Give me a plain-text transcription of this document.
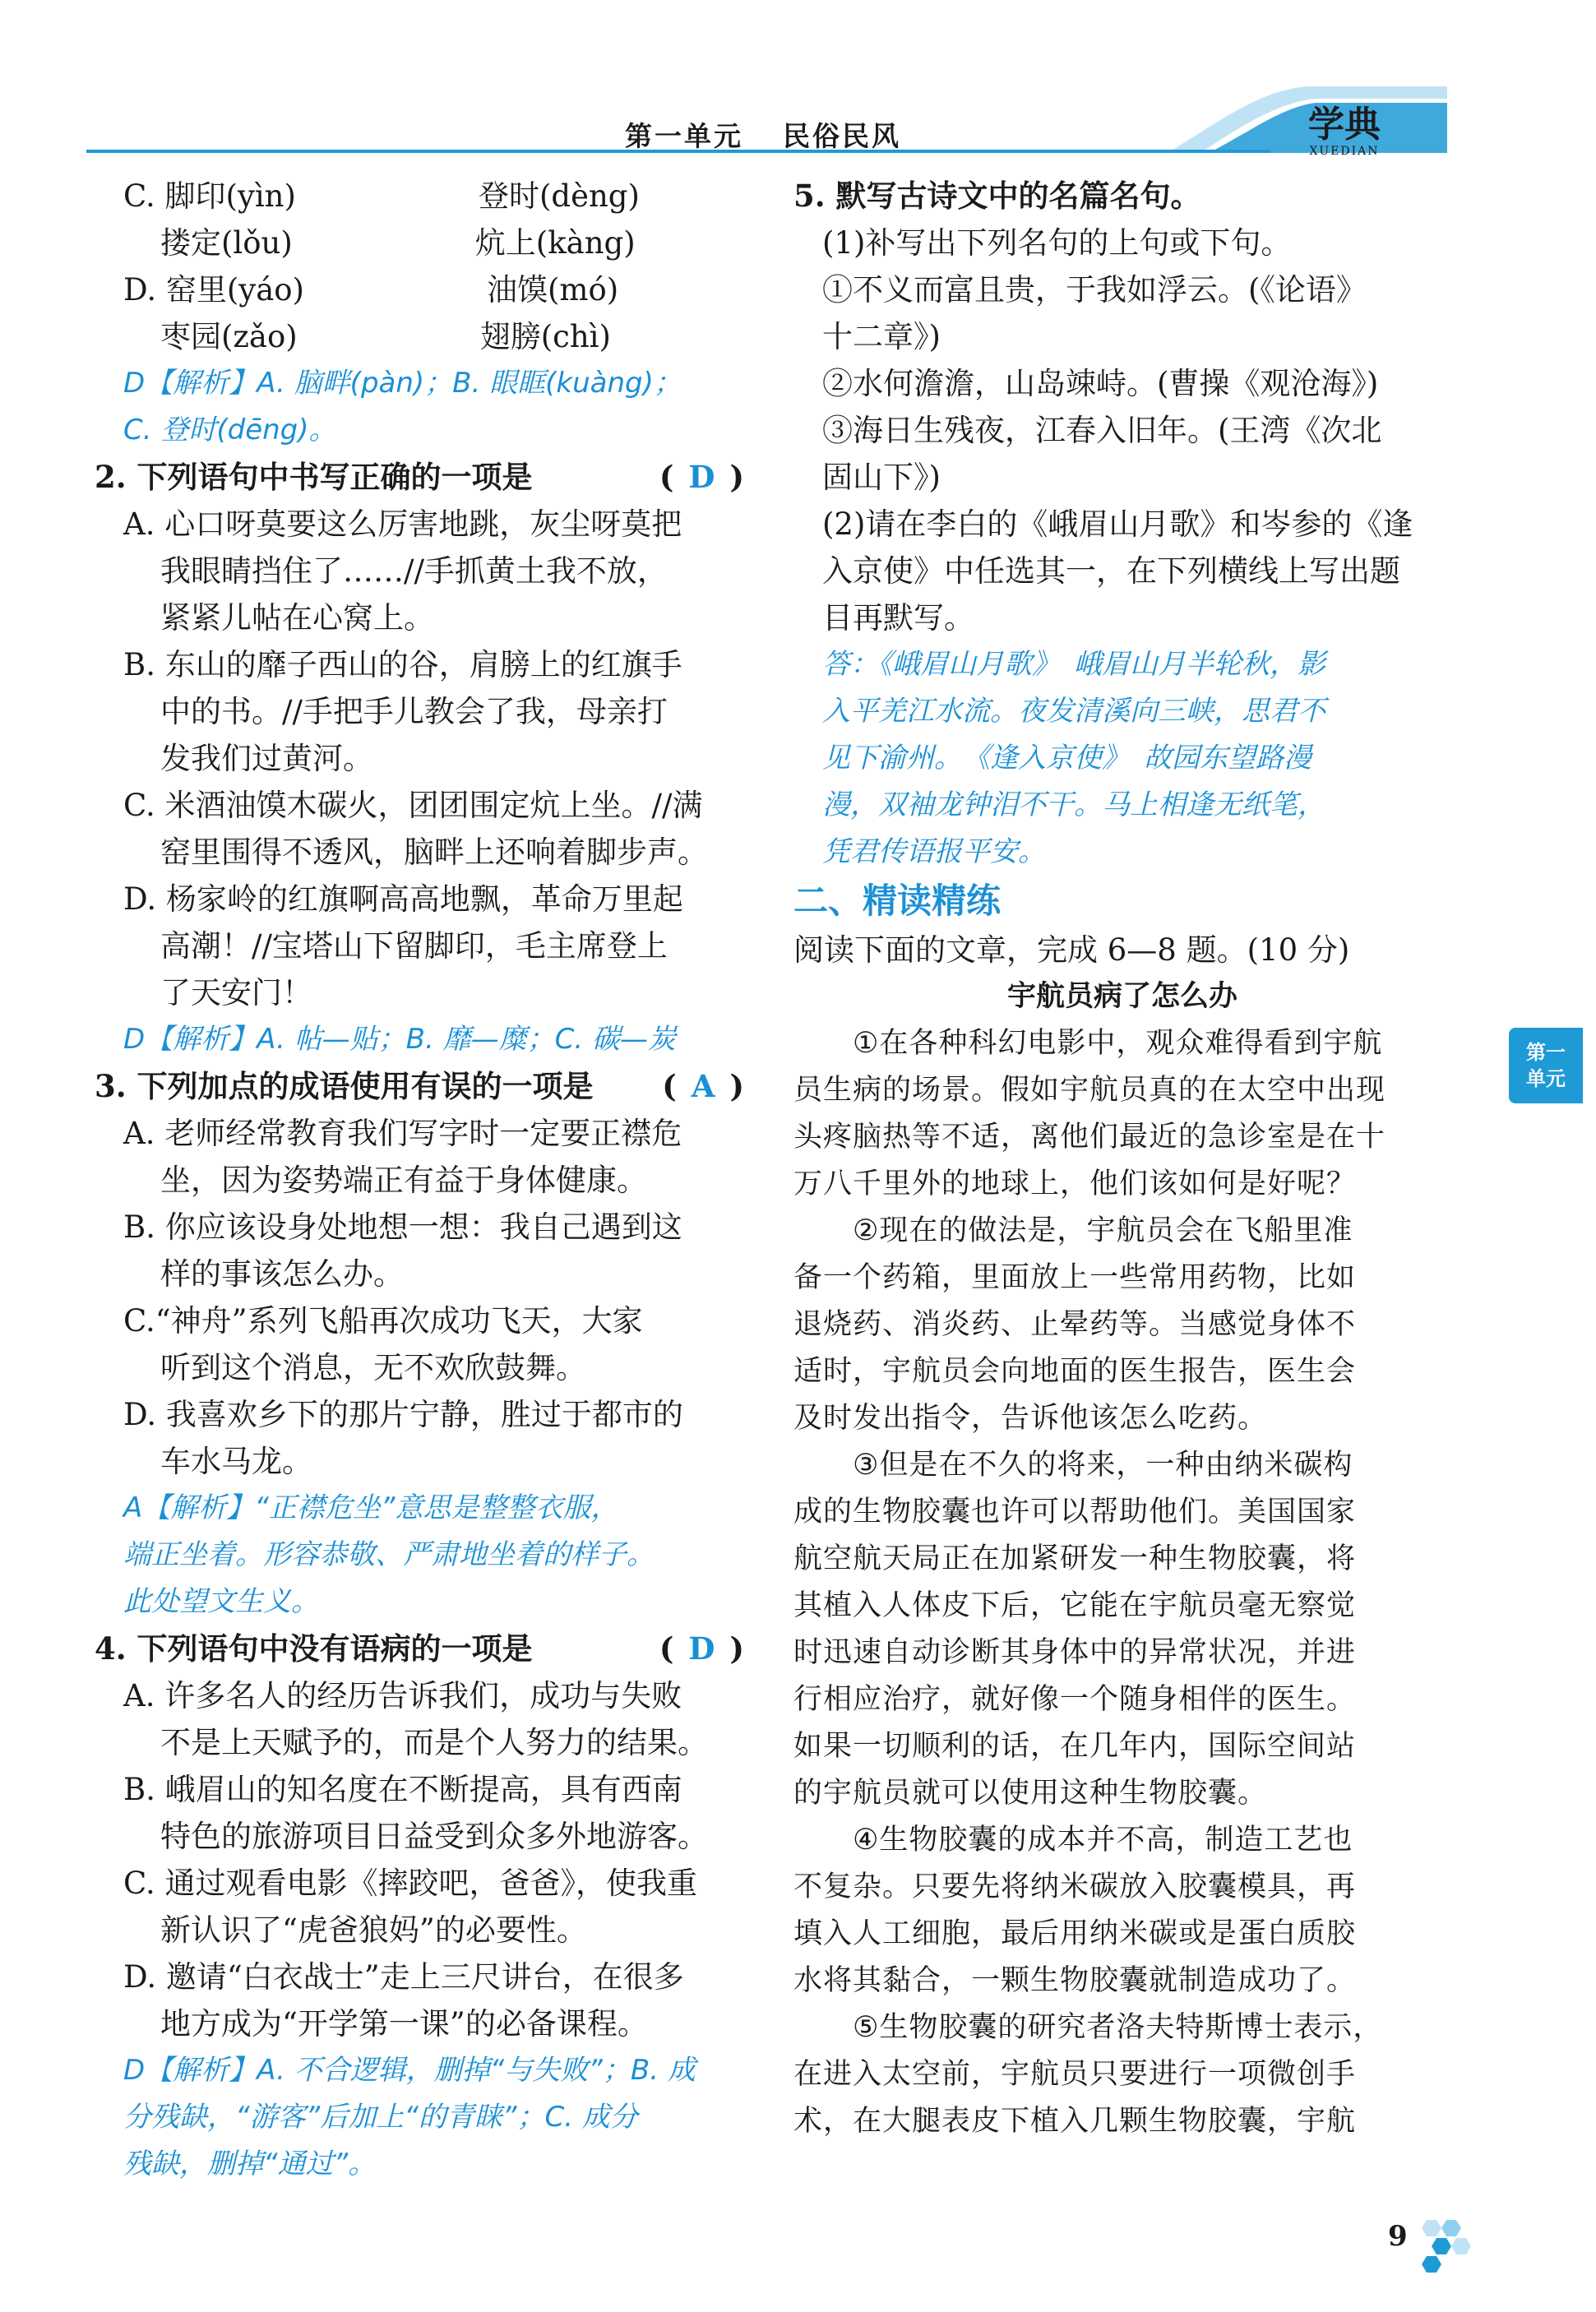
第一单元 民俗民风	学典
XUEDIAN
C. 脚印(yìn)　　　　　　登时(dèng)
搂定(lǒu)　　　　　　炕上(kàng)
D. 窑里(yáo)　　　　　　油馍(mó)
枣园(zǎo)　　　　　　翅膀(chì)
D【解析】A. 脑畔(pàn)；B. 眼眶(kuàng)；
C. 登时(dēng)。
2. 下列语句中书写正确的一项是	( D )
A. 心口呀莫要这么厉害地跳，灰尘呀莫把
我眼睛挡住了……//手抓黄土我不放，
紧紧儿帖在心窝上。
B. 东山的靡子西山的谷，肩膀上的红旗手
中的书。//手把手儿教会了我，母亲打
发我们过黄河。
C. 米酒油馍木碳火，团团围定炕上坐。//满
窑里围得不透风，脑畔上还响着脚步声。
D. 杨家岭的红旗啊高高地飘，革命万里起
高潮！//宝塔山下留脚印，毛主席登上
了天安门！
D【解析】A. 帖—贴；B. 靡—糜；C. 碳—炭
3. 下列加点的成语使用有误的一项是 ( A )
A. 老师经常教育我们写字时一定要正襟危
坐，因为姿势端正有益于身体健康。
B. 你应该设身处地想一想：我自己遇到这
样的事该怎么办。
C.“神舟”系列飞船再次成功飞天，大家
听到这个消息，无不欢欣鼓舞。
D. 我喜欢乡下的那片宁静，胜过于都市的
车水马龙。
A【解析】“正襟危坐”意思是整整衣服，
端正坐着。形容恭敬、严肃地坐着的样子。
此处望文生义。
4. 下列语句中没有语病的一项是	( D )
A. 许多名人的经历告诉我们，成功与失败
不是上天赋予的，而是个人努力的结果。
B. 峨眉山的知名度在不断提高，具有西南
特色的旅游项目日益受到众多外地游客。
C. 通过观看电影《摔跤吧，爸爸》，使我重
新认识了“虎爸狼妈”的必要性。
D. 邀请“白衣战士”走上三尺讲台，在很多
地方成为“开学第一课”的必备课程。
D【解析】A. 不合逻辑，删掉“与失败”；B. 成
分残缺，“游客”后加上“的青睐”；C. 成分
残缺，删掉“通过”。
5. 默写古诗文中的名篇名句。
(1)补写出下列名句的上句或下句。
①不义而富且贵，于我如浮云。(《论语》
十二章》)
②水何澹澹，山岛竦峙。(曹操《观沧海》)
③海日生残夜，江春入旧年。(王湾《次北
固山下》)
(2)请在李白的《峨眉山月歌》和岑参的《逢
入京使》中任选其一，在下列横线上写出题
目再默写。
答：《峨眉山月歌》　峨眉山月半轮秋，影
入平羌江水流。夜发清溪向三峡，思君不
见下渝州。　《逢入京使》　故园东望路漫
漫，双袖龙钟泪不干。马上相逢无纸笔，
凭君传语报平安。
二、精读精练
阅读下面的文章，完成 6—8 题。(10 分)
宇航员病了怎么办
　　①在各种科幻电影中，观众难得看到宇航
员生病的场景。假如宇航员真的在太空中出现
头疼脑热等不适，离他们最近的急诊室是在十
万八千里外的地球上，他们该如何是好呢？
　　②现在的做法是，宇航员会在飞船里准
备一个药箱，里面放上一些常用药物，比如
退烧药、消炎药、止晕药等。当感觉身体不
适时，宇航员会向地面的医生报告，医生会
及时发出指令，告诉他该怎么吃药。
　　③但是在不久的将来，一种由纳米碳构
成的生物胶囊也许可以帮助他们。美国国家
航空航天局正在加紧研发一种生物胶囊，将
其植入人体皮下后，它能在宇航员毫无察觉
时迅速自动诊断其身体中的异常状况，并进
行相应治疗，就好像一个随身相伴的医生。
如果一切顺利的话，在几年内，国际空间站
的宇航员就可以使用这种生物胶囊。
　　④生物胶囊的成本并不高，制造工艺也
不复杂。只要先将纳米碳放入胶囊模具，再
填入人工细胞，最后用纳米碳或是蛋白质胶
水将其黏合，一颗生物胶囊就制造成功了。
　　⑤生物胶囊的研究者洛夫特斯博士表示，
在进入太空前，宇航员只要进行一项微创手
术，在大腿表皮下植入几颗生物胶囊，宇航
第一
单元
9
